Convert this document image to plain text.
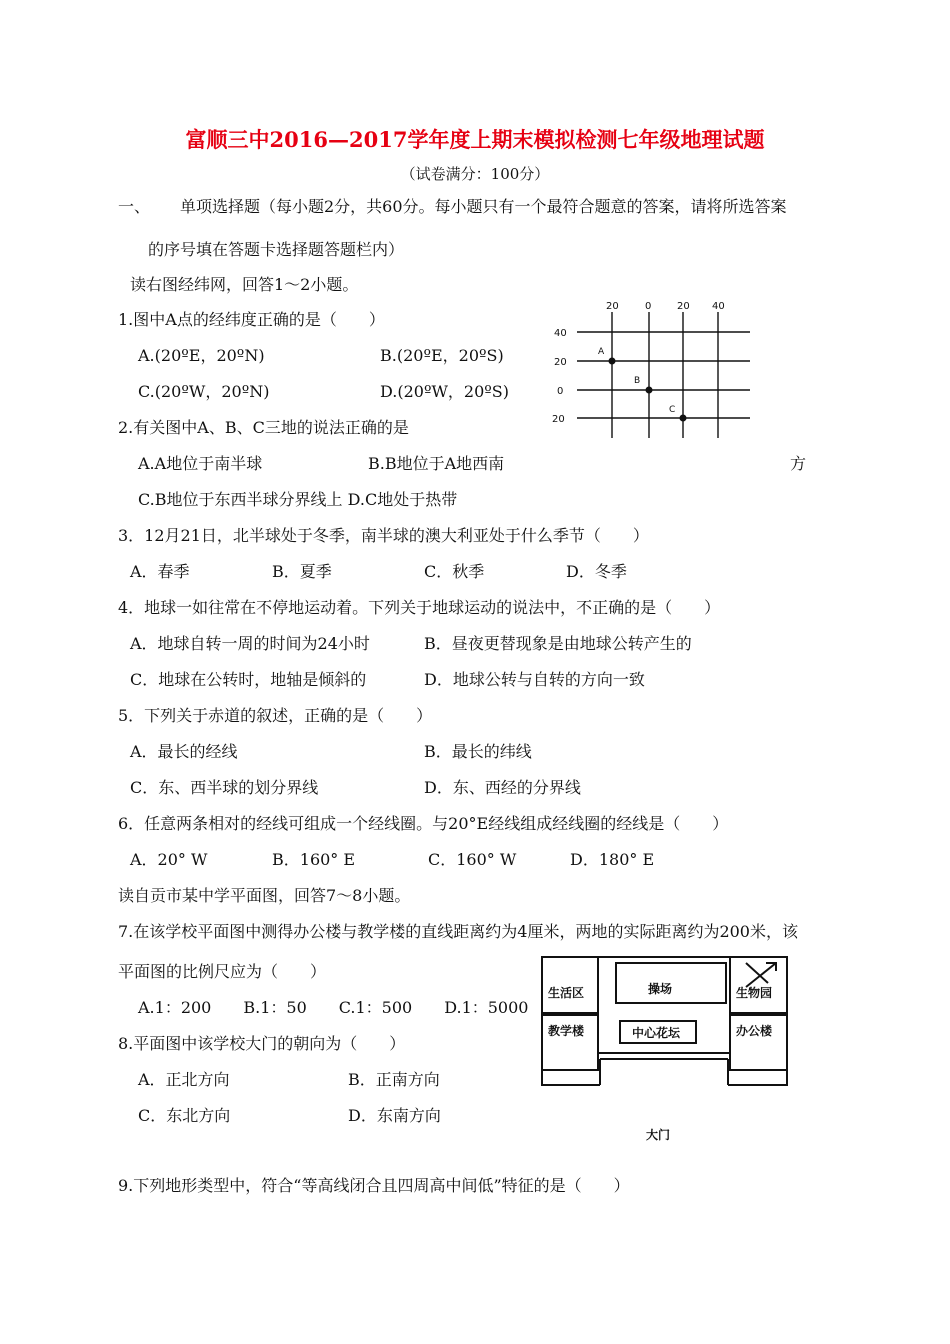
富顺三中2016—2017学年度上期末模拟检测七年级地理试题
（试卷满分：100分）
一、 单项选择题（每小题2分，共60分。每小题只有一个最符合题意的答案，请将所选答案
的序号填在答题卡选择题答题栏内）
读右图经纬网，回答1～2小题。
1.图中A点的经纬度正确的是（　　）
A.(20ºE，20ºN)	B.(20ºE，20ºS)
C.(20ºW，20ºN)	D.(20ºW，20ºS)
2.有关图中A、B、C三地的说法正确的是
A.A地位于南半球	B.B地位于A地西南	方
C.B地位于东西半球分界线上 D.C地处于热带
3．12月21日，北半球处于冬季，南半球的澳大利亚处于什么季节（　　）
A．春季	B．夏季	C．秋季	D．冬季
4．地球一如往常在不停地运动着。下列关于地球运动的说法中，不正确的是（　　）
A．地球自转一周的时间为24小时	B．昼夜更替现象是由地球公转产生的
C．地球在公转时，地轴是倾斜的	D．地球公转与自转的方向一致
5．下列关于赤道的叙述，正确的是（　　）
A．最长的经线	B．最长的纬线
C．东、西半球的划分界线	D．东、西经的分界线
6．任意两条相对的经线可组成一个经线圈。与20°E经线组成经线圈的经线是（　　）
A．20° W	B．160° E	C．160° W	D．180° E
读自贡市某中学平面图，回答7～8小题。
7.在该学校平面图中测得办公楼与教学楼的直线距离约为4厘米，两地的实际距离约为200米，该
平面图的比例尺应为（　　）
A.1：200　　B.1：50　　C.1：500　　D.1：5000
8.平面图中该学校大门的朝向为（　　）
A．正北方向	B．正南方向
C．东北方向	D．东南方向
9.下列地形类型中，符合“等高线闭合且四周高中间低”特征的是（　　）
20	0	20 40
40
20
0
20
A
B
C
生活区	操场	生物园
教学楼	中心花坛	办公楼
大门
